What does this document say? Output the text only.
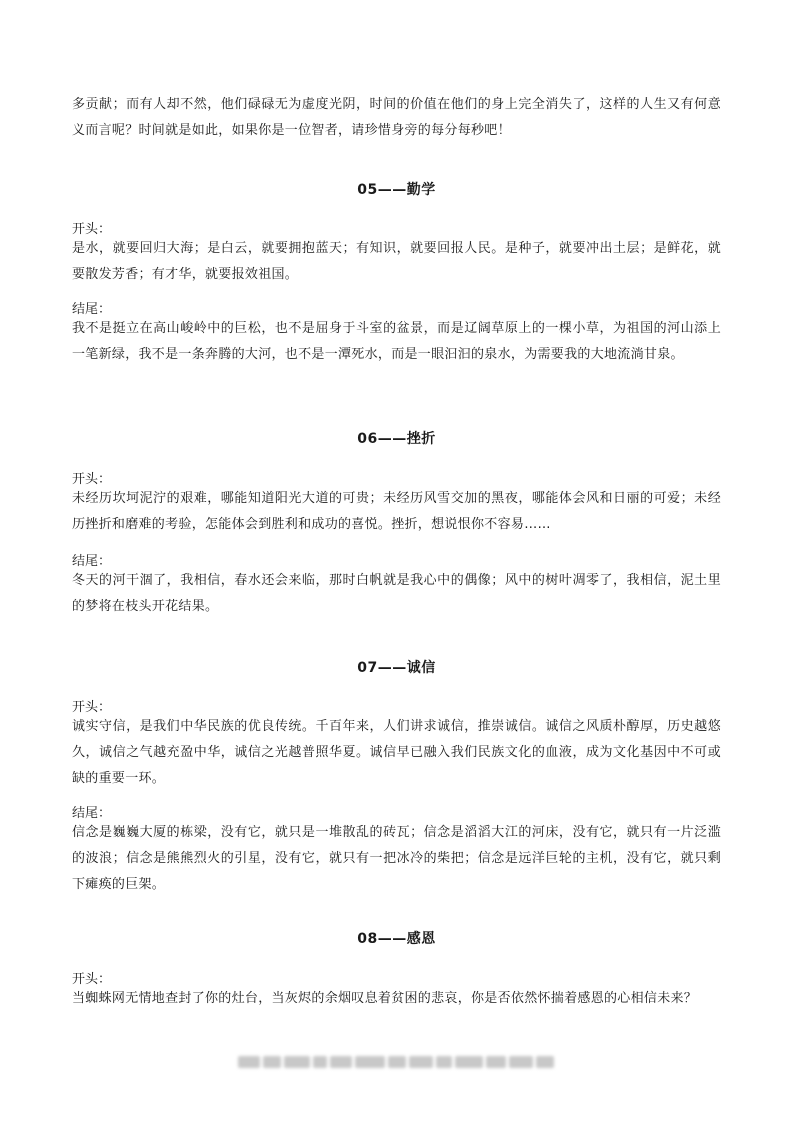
多贡献；而有人却不然，他们碌碌无为虚度光阴，时间的价值在他们的身上完全消失了，这样的人生又有何意义而言呢？时间就是如此，如果你是一位智者，请珍惜身旁的每分每秒吧！

05——勤学

开头：

是水，就要回归大海；是白云，就要拥抱蓝天；有知识，就要回报人民。是种子，就要冲出土层；是鲜花，就要散发芳香；有才华，就要报效祖国。

结尾：

我不是挺立在高山峻岭中的巨松，也不是屈身于斗室的盆景，而是辽阔草原上的一棵小草，为祖国的河山添上一笔新绿，我不是一条奔腾的大河，也不是一潭死水，而是一眼汩汩的泉水，为需要我的大地流淌甘泉。

06——挫折

开头：

未经历坎坷泥泞的艰难，哪能知道阳光大道的可贵；未经历风雪交加的黑夜，哪能体会风和日丽的可爱；未经历挫折和磨难的考验，怎能体会到胜利和成功的喜悦。挫折，想说恨你不容易……

结尾：

冬天的河干涸了，我相信，春水还会来临，那时白帆就是我心中的偶像；风中的树叶凋零了，我相信，泥土里的梦将在枝头开花结果。

07——诚信

开头：

诚实守信，是我们中华民族的优良传统。千百年来，人们讲求诚信，推崇诚信。诚信之风质朴醇厚，历史越悠久，诚信之气越充盈中华，诚信之光越普照华夏。诚信早已融入我们民族文化的血液，成为文化基因中不可或缺的重要一环。

结尾：

信念是巍巍大厦的栋梁，没有它，就只是一堆散乱的砖瓦；信念是滔滔大江的河床，没有它，就只有一片泛滥的波浪；信念是熊熊烈火的引星，没有它，就只有一把冰冷的柴把；信念是远洋巨轮的主机，没有它，就只剩下瘫痪的巨架。

08——感恩

开头：

当蜘蛛网无情地查封了你的灶台，当灰烬的余烟叹息着贫困的悲哀，你是否依然怀揣着感恩的心相信未来？
